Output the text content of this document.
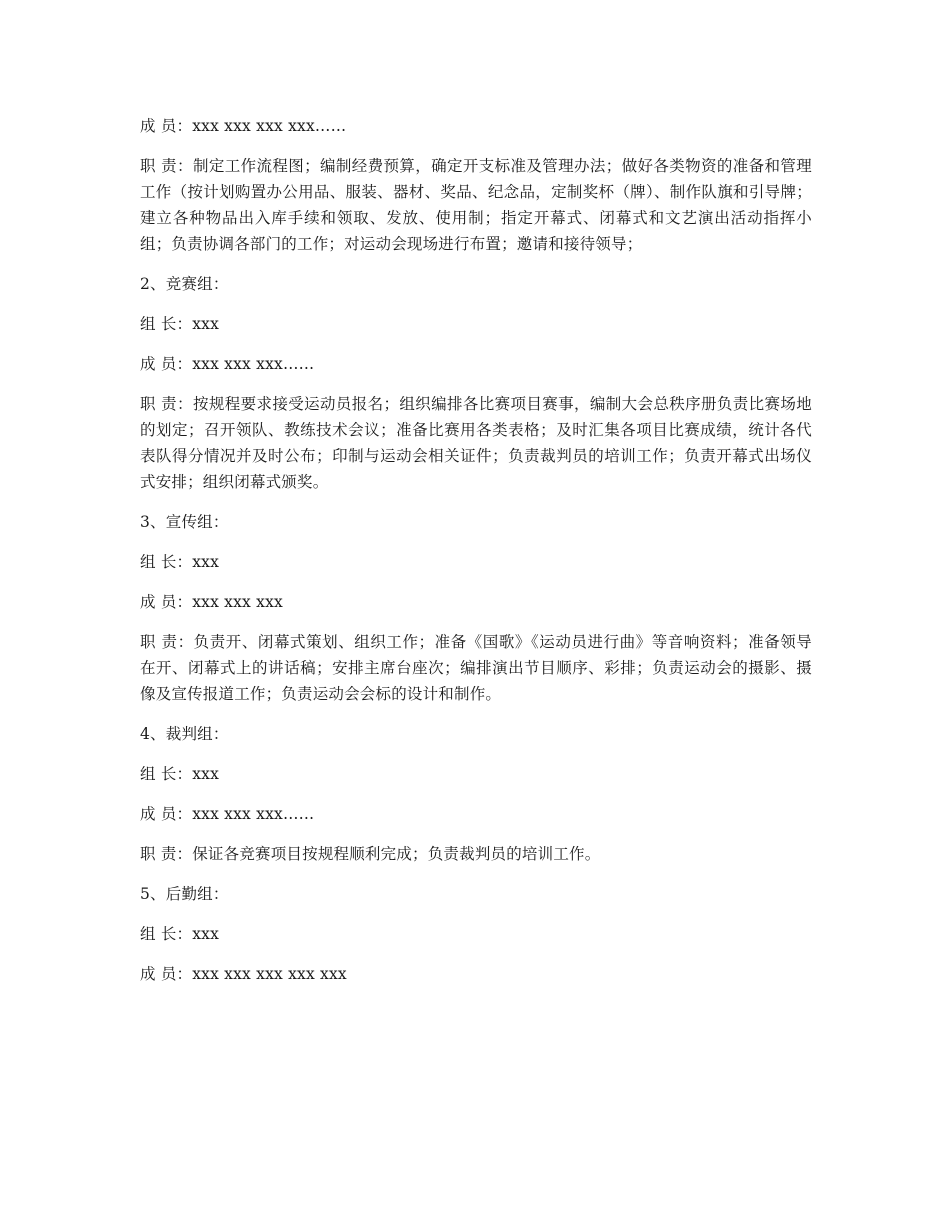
成 员：xxx xxx xxx xxx……

职 责：制定工作流程图；编制经费预算，确定开支标准及管理办法；做好各类物资的准备和管理工作（按计划购置办公用品、服装、器材、奖品、纪念品，定制奖杯（牌）、制作队旗和引导牌；建立各种物品出入库手续和领取、发放、使用制；指定开幕式、闭幕式和文艺演出活动指挥小组；负责协调各部门的工作；对运动会现场进行布置；邀请和接待领导；

2、竞赛组：

组 长：xxx

成 员：xxx xxx xxx……

职 责：按规程要求接受运动员报名；组织编排各比赛项目赛事，编制大会总秩序册负责比赛场地的划定；召开领队、教练技术会议；准备比赛用各类表格；及时汇集各项目比赛成绩，统计各代表队得分情况并及时公布；印制与运动会相关证件；负责裁判员的培训工作；负责开幕式出场仪式安排；组织闭幕式颁奖。

3、宣传组：

组 长：xxx

成 员：xxx xxx xxx

职 责：负责开、闭幕式策划、组织工作；准备《国歌》《运动员进行曲》等音响资料；准备领导在开、闭幕式上的讲话稿；安排主席台座次；编排演出节目顺序、彩排；负责运动会的摄影、摄像及宣传报道工作；负责运动会会标的设计和制作。

4、裁判组：

组 长：xxx

成 员：xxx xxx xxx……

职 责：保证各竞赛项目按规程顺利完成；负责裁判员的培训工作。

5、后勤组：

组 长：xxx

成 员：xxx xxx xxx xxx xxx
